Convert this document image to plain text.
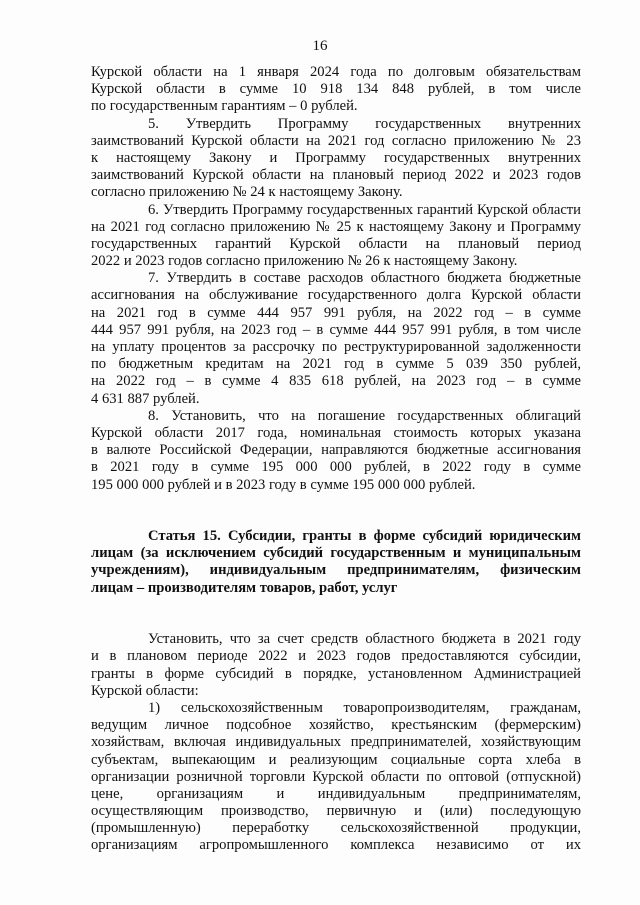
16
Курской области на 1 января 2024 года по долговым обязательствам
Курской области в сумме 10 918 134 848 рублей, в том числе
по государственным гарантиям – 0 рублей.
5. Утвердить Программу государственных внутренних
заимствований Курской области на 2021 год согласно приложению № 23
к настоящему Закону и Программу государственных внутренних
заимствований Курской области на плановый период 2022 и 2023 годов
согласно приложению № 24 к настоящему Закону.
6. Утвердить Программу государственных гарантий Курской области
на 2021 год согласно приложению № 25 к настоящему Закону и Программу
государственных гарантий Курской области на плановый период
2022 и 2023 годов согласно приложению № 26 к настоящему Закону.
7. Утвердить в составе расходов областного бюджета бюджетные
ассигнования на обслуживание государственного долга Курской области
на 2021 год в сумме 444 957 991 рубля, на 2022 год – в сумме
444 957 991 рубля, на 2023 год – в сумме 444 957 991 рубля, в том числе
на уплату процентов за рассрочку по реструктурированной задолженности
по бюджетным кредитам на 2021 год в сумме 5 039 350 рублей,
на 2022 год – в сумме 4 835 618 рублей, на 2023 год – в сумме
4 631 887 рублей.
8. Установить, что на погашение государственных облигаций
Курской области 2017 года, номинальная стоимость которых указана
в валюте Российской Федерации, направляются бюджетные ассигнования
в 2021 году в сумме 195 000 000 рублей, в 2022 году в сумме
195 000 000 рублей и в 2023 году в сумме 195 000 000 рублей.
Статья 15. Субсидии, гранты в форме субсидий юридическим
лицам (за исключением субсидий государственным и муниципальным
учреждениям), индивидуальным предпринимателям, физическим
лицам – производителям товаров, работ, услуг
Установить, что за счет средств областного бюджета в 2021 году
и в плановом периоде 2022 и 2023 годов предоставляются субсидии,
гранты в форме субсидий в порядке, установленном Администрацией
Курской области:
1) сельскохозяйственным товаропроизводителям, гражданам,
ведущим личное подсобное хозяйство, крестьянским (фермерским)
хозяйствам, включая индивидуальных предпринимателей, хозяйствующим
субъектам, выпекающим и реализующим социальные сорта хлеба в
организации розничной торговли Курской области по оптовой (отпускной)
цене, организациям и индивидуальным предпринимателям,
осуществляющим производство, первичную и (или) последующую
(промышленную) переработку сельскохозяйственной продукции,
организациям агропромышленного комплекса независимо от их
